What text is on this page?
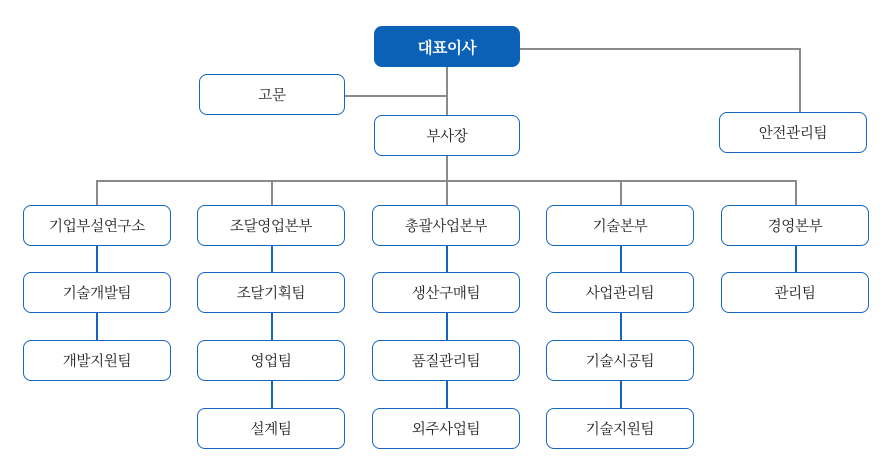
대표이사
고문
부사장	안전관리팀
기업부설연구소
기술개발팀
개발지원팀
조달영업본부
조달기획팀
영업팀
설계팀
총괄사업본부
생산구매팀
품질관리팀
외주사업팀
기술본부
사업관리팀
기술시공팀
기술지원팀
경영본부
관리팀
